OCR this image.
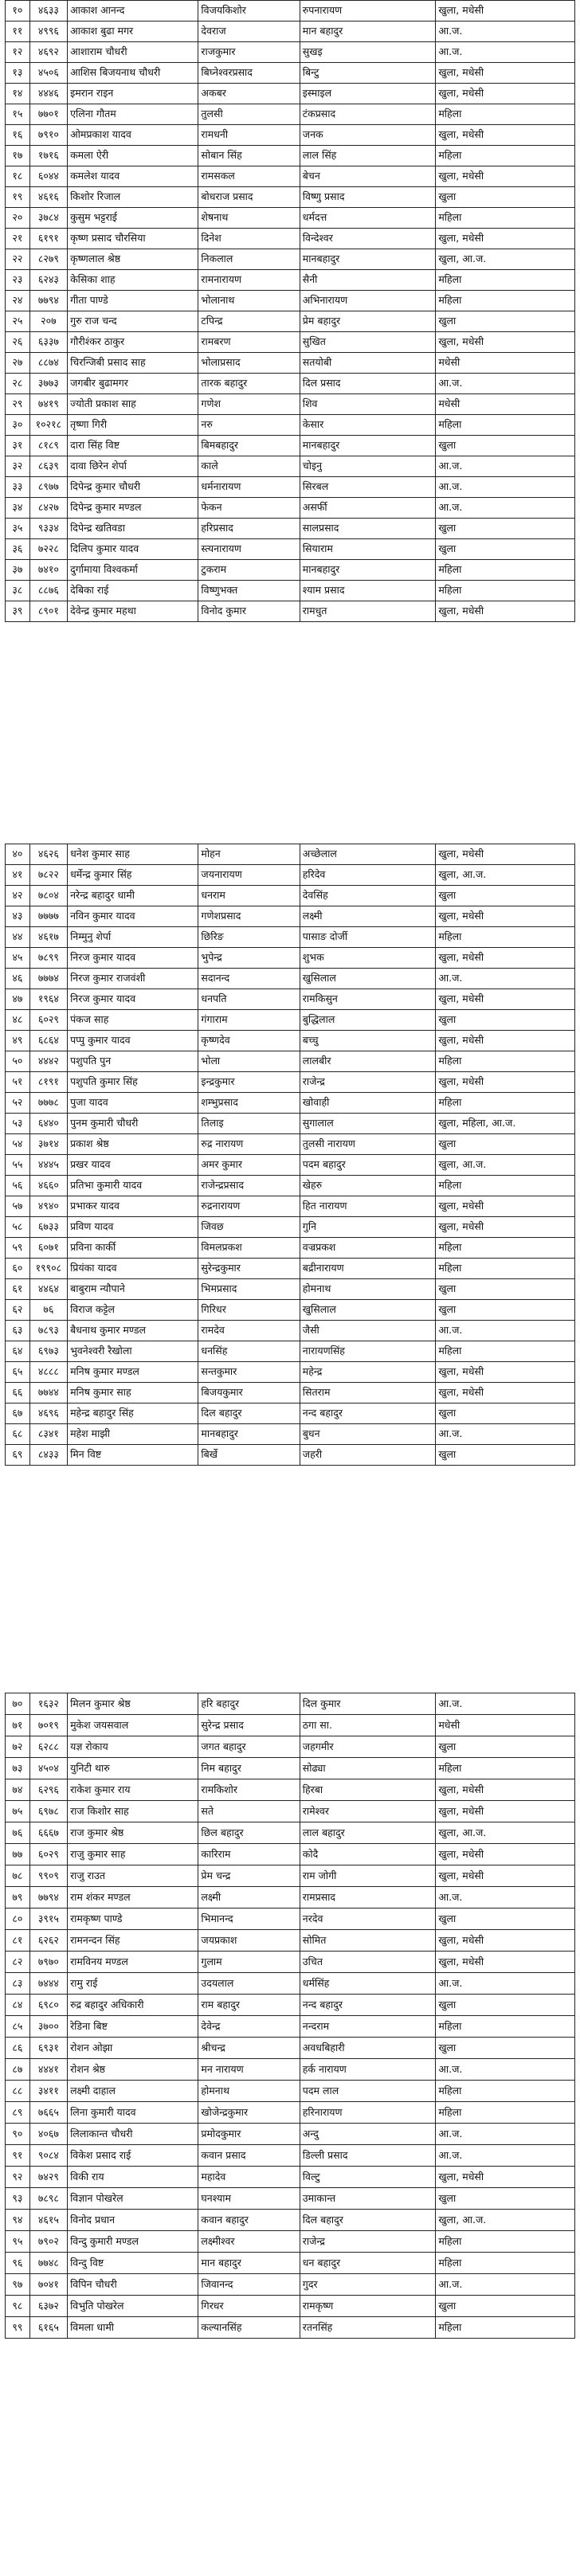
१०	४६३३	आकाश आनन्द	विजयकिशोर	रुपनारायण	खुला, मधेसी
११	४९९६	आकाश बुढा मगर	देवराज	मान बहादुर	आ.ज.
१२	४६९२	आशाराम चौधरी	राजकुमार	सुखइ	आ.ज.
१३	४५०६	आशिस बिजयनाथ चौधरी	बिघ्नेश्वरप्रसाद	बिन्टु	खुला, मधेसी
१४	४४४६	इमरान राइन	अकबर	इस्माइल	खुला, मधेसी
१५	७७०१	एलिना गौतम	तुलसी	टंकप्रसाद	महिला
१६	७९१०	ओमप्रकाश यादव	रामधनी	जनक	खुला, मधेसी
१७	१७१६	कमला ऐरी	सोबान सिंह	लाल सिंह	महिला
१८	६०४४	कमलेश यादव	रामसकल	बेचन	खुला, मधेसी
१९	४६१६	किशोर रिजाल	बोधराज प्रसाद	विष्णु प्रसाद	खुला
२०	३७८४	कुसुम भट्टराई	शेषनाथ	धर्मदत्त	महिला
२१	६१९१	कृष्ण प्रसाद चौरसिया	दिनेश	विन्देश्वर	खुला, मधेसी
२२	८२७९	कृष्णलाल श्रेष्ठ	निकलाल	मानबहादुर	खुला, आ.ज.
२३	६२४३	केसिका शाह	रामनारायण	सैनी	महिला
२४	७७९४	गीता पाण्डे	भोलानाथ	अभिनारायण	महिला
२५	२०७	गुरु राज चन्द	टपिन्द्र	प्रेम बहादुर	खुला
२६	६३३७	गौरीश्‍ंकर ठाकुर	रामबरण	सुखित	खुला, मधेसी
२७	८८७४	चिरन्जिबी प्रसाद साह	भोलाप्रसाद	सतयोबी	मधेसी
२८	३७७३	जगबीर बुढामगर	तारक बहादुर	दिल प्रसाद	आ.ज.
२९	७४१९	ज्योती प्रकाश साह	गणेश	शिव	मधेसी
३०	१०२१८	तृष्णा गिरी	नरु	केसार	महिला
३१	८१८९	दारा सिंह विष्ट	बिमबहादुर	मानबहादुर	खुला
३२	८६३९	दावा छिरेन शेर्पा	काले	चोइनु	आ.ज.
३३	८९७७	दिपेन्द्र कुमार चौधरी	धर्मनारायण	सिरबल	आ.ज.
३४	८४२७	दिपेन्द्र कुमार मण्डल	फेकन	असर्फी	आ.ज.
३५	९३३४	दिपेन्द्र खतिवडा	हरिप्रसाद	सालप्रसाद	खुला
३६	७२२८	दिलिप कुमार यादव	स्त्यनारायण	सियाराम	खुला
३७	७४१०	दुर्गामाया विश्वकर्मा	टुकराम	मानबहादुर	महिला
३८	८८७६	देबिका राई	विष्णुभक्त	श्याम प्रसाद	महिला
३९	८९०१	देवेन्द्र कुमार महथा	विनोद कुमार	रामधुत	खुला, मधेसी
४०	४६२६	धनेश कुमार साह	मोहन	अच्छेलाल	खुला, मधेसी
४१	७८२२	धर्मेन्द्र कुमार सिंह	जयनारायण	हरिदेव	खुला, आ.ज.
४२	७८०४	नरेन्द्र बहादुर धामी	धनराम	देवसिंह	खुला
४३	७७७७	नविन कुमार यादव	गणेशप्रसाद	लक्ष्मी	खुला, मधेसी
४४	४६१७	निम्मुनु शेर्पा	छिरिङ	पासाङ दोर्जी	महिला
४५	७८९९	निरज कुमार यादव	भुपेन्द्र	शुभक	खुला, मधेसी
४६	७७७४	निरज कुमार राजवंशी	सदानन्द	खुसिलाल	आ.ज.
४७	१९६४	निरज कुमार यादव	धनपति	रामकिसुन	खुला, मधेसी
४८	६०२९	पंकज साह	गंगाराम	बुद्धिलाल	खुला
४९	६८६४	पप्पु कुमार यादव	कृष्णदेव	बच्चु	खुला, मधेसी
५०	४४४२	पशुपति पुन	भोला	लालबीर	महिला
५१	८१९१	पशुपति कुमार सिंह	इन्द्रकुमार	राजेन्द्र	खुला, मधेसी
५२	७७७८	पुजा यादव	शम्भुप्रसाद	खोवाही	महिला
५३	६४४०	पुनम कुमारी चौधरी	तिलाइ	सुगालाल	खुला, महिला, आ.ज.
५४	३७१४	प्रकाश श्रेष्ठ	रुद्र नारायण	तुलसी नारायण	खुला
५५	४४४५	प्रखर यादव	अमर कुमार	पदम बहादुर	खुला, आ.ज.
५६	४६६०	प्रतिभा कुमारी यादव	राजेन्द्रप्रसाद	खेहरु	महिला
५७	४९४०	प्रभाकर यादव	रुद्रनारायण	हित नारायण	खुला, मधेसी
५८	६७३३	प्रविण यादव	जिवछ	गुनि	खुला, मधेसी
५९	६०७१	प्रविना कार्की	विमलप्रकश	वज्रप्रकश	महिला
६०	१९९०८	प्रियंका यादव	सुरेन्द्रकुमार	बद्रीनारायण	महिला
६१	४४६४	बाबुराम न्यौपाने	भिमप्रसाद	होमनाथ	खुला
६२	७६	विराज कट्टेल	गिरिधर	खुसिलाल	खुला
६३	७८९३	बैधनाथ कुमार मण्डल	रामदेव	जैसी	आ.ज.
६४	६९७३	भुवनेश्वरी रैखोला	धनसिंह	नारायणसिंह	महिला
६५	४८८८	मनिष कुमार मण्डल	सन्तकुमार	महेन्द्र	खुला, मधेसी
६६	७७४४	मनिष कुमार साह	बिजयकुमार	सितराम	खुला, मधेसी
६७	४६९६	महेन्द्र बहादुर सिंह	दिल बहादुर	नन्द बहादुर	खुला
६८	८३४१	महेश माझी	मानबहादुर	बुधन	आ.ज.
६९	८४३३	मिन विष्ट	बिर्खे	जहरी	खुला
७०	१६३२	मिलन कुमार श्रेष्ठ	हरि बहादुर	दिल कुमार	आ.ज.
७१	७०१९	मुकेश जयसवाल	सुरेन्द्र प्रसाद	ठगा सा.	मधेसी
७२	६२८८	यज्ञ रोकाय	जगत बहादुर	जहगमीर	खुला
७३	४५०४	युनिटी थारु	निम बहादुर	सोढ्या	महिला
७४	६२९६	राकेश कुमार राय	रामकिशोर	हिरबा	खुला, मधेसी
७५	६९७८	राज किशोर साह	सते	रामेश्वर	खुला, मधेसी
७६	६६६७	राज कुमार श्रेष्ठ	छिल बहादुर	लाल बहादुर	खुला, आ.ज.
७७	६०२९	राजु कुमार साह	कारिराम	कोदै	खुला, मधेसी
७८	९९०९	राजु राउत	प्रेम चन्द्र	राम जोगी	खुला, मधेसी
७९	७७९४	राम शंकर मण्डल	लक्ष्मी	रामप्रसाद	आ.ज.
८०	३९१५	रामकृष्ण पाण्डे	भिमानन्द	नरदेव	खुला
८१	६२६२	रामनन्दन सिंह	जयप्रकाश	सोमित	खुला, मधेसी
८२	७९७०	रामविनय मण्डल	गुलाम	उचित	खुला, मधेसी
८३	७४४४	रामु राई	उदयलाल	धर्मसिंह	आ.ज.
८४	६९८०	रुद्र बहादुर अधिकारी	राम बहादुर	नन्द बहादुर	खुला
८५	३७००	रेडिना बिष्ट	देवेन्द्र	नन्दराम	महिला
८६	६९३१	रोशन ओझा	श्रीचन्द्र	अवधबिहारी	खुला
८७	४४४१	रोशन श्रेष्ठ	मन नारायण	हर्क नारायण	आ.ज.
८८	३४११	लक्ष्मी दाहाल	होमनाथ	पदम लाल	महिला
८९	७६६५	लिना कुमारी यादव	खोजेन्द्रकुमार	हरिनारायण	महिला
९०	४०६७	लिलाकान्त चौधरी	प्रमोदकुमार	अन्दु	आ.ज.
९१	९०८४	विकेश प्रसाद राई	कवान प्रसाद	डिल्ली प्रसाद	आ.ज.
९२	७४२९	विकी राय	महादेव	विल्टु	खुला, मधेसी
९३	७८९८	विज्ञान पोखरेल	घनश्याम	उमाकान्त	खुला
९४	४६१५	विनोद प्रधान	कवान बहादुर	दिल बहादुर	खुला, आ.ज.
९५	७९०२	विन्दु कुमारी मण्डल	लक्ष्मीश्वर	राजेन्द्र	महिला
९६	७७४८	विन्दु विष्ट	मान बहादुर	धन बहादुर	महिला
९७	७०४१	विपिन चौधरी	जिवानन्द	गुदर	आ.ज.
९८	६३७२	विभुति पोखरेल	गिरधर	रामकृष्ण	खुला
९९	६१६५	विमला धामी	कल्यानसिंह	रतनसिंह	महिला
